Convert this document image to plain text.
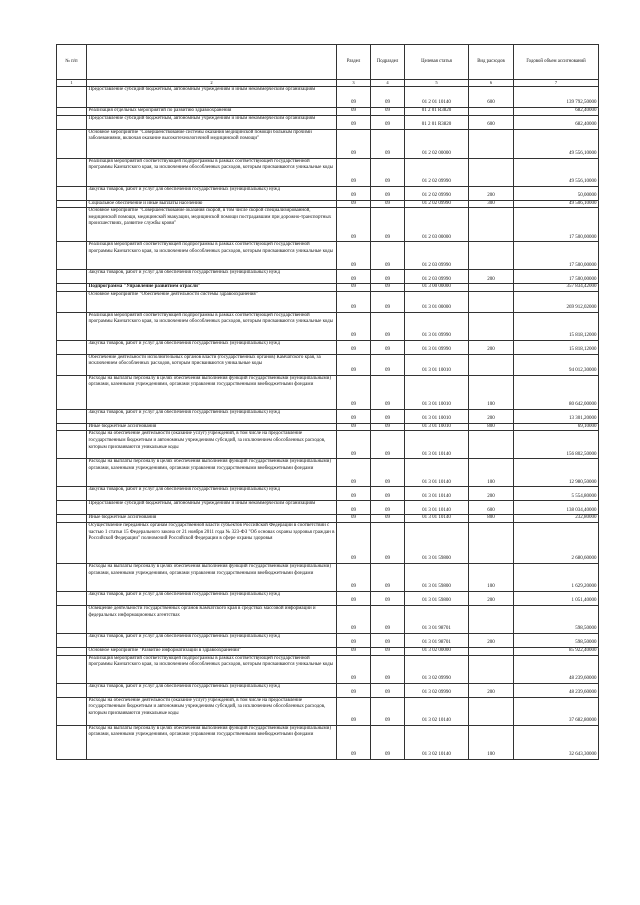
№ п/п		Раздел	Подраздел	Целевая статья	Вид расходов	Годовой объем ассигнований
1	2	3	4	5	6	7
	Предоставление субсидий бюджетным, автономным учреждениям и иным некоммерческим организациям	09	09	01 2 01 10140	600	139 792,50000
	Реализация отдельных мероприятий по развитию здравоохранения	09	09	01 2 01 R3820		682,40000
	Предоставление субсидий бюджетным, автономным учреждениям и иным некоммерческим организациям	09	09	01 2 01 R3820	600	682,40000
	Основное мероприятие "Совершенствование системы оказания медицинской помощи больным прочими заболеваниями, включая оказание высокотехнологичной медицинской помощи"	09	09	01 2 02 00000		49 556,10000
	Реализация мероприятий соответствующей подпрограммы в рамках соответствующей государственной программы Камчатского края, за исключением обособленных расходов, которым присваиваются уникальные коды	09	09	01 2 02 09990		49 556,10000
	Закупка товаров, работ и услуг для обеспечения государственных (муниципальных) нужд	09	09	01 2 02 09990	200	50,00000
	Социальное обеспечение и иные выплаты населению	09	09	01 2 02 09990	300	49 506,10000
	Основное мероприятие "Совершенствование оказания скорой, в том числе скорой специализированной, медицинской помощи, медицинской эвакуации, медицинской помощи пострадавшим при дорожно-транспортных происшествиях, развитие службы крови"	09	09	01 2 03 00000		17 500,00000
	Реализация мероприятий соответствующей подпрограммы в рамках соответствующей государственной программы Камчатского края, за исключением обособленных расходов, которым присваиваются уникальные коды	09	09	01 2 03 09990		17 500,00000
	Закупка товаров, работ и услуг для обеспечения государственных (муниципальных) нужд	09	09	01 2 03 09990	200	17 500,00000
	Подпрограмма "Управление развитием отрасли"	09	09	01 3 00 00000		357 834,42000
	Основное мероприятие "Обеспечение деятельности системы здравоохранения"	09	09	01 3 01 00000		269 912,02000
	Реализация мероприятий соответствующей подпрограммы в рамках соответствующей государственной программы Камчатского края, за исключением обособленных расходов, которым присваиваются уникальные коды	09	09	01 3 01 09990		15 818,12000
	Закупка товаров, работ и услуг для обеспечения государственных (муниципальных) нужд	09	09	01 3 01 09990	200	15 818,12000
	Обеспечение деятельности исполнительных органов власти (государственных органов) Камчатского края, за исключением обособленных расходов, которым присваиваются уникальные коды	09	09	01 3 01 10010		94 012,30000
	Расходы на выплаты персоналу в целях обеспечения выполнения функций государственными (муниципальными) органами, казенными учреждениями, органами управления государственными внебюджетными фондами	09	09	01 3 01 10010	100	80 642,00000
	Закупка товаров, работ и услуг для обеспечения государственных (муниципальных) нужд	09	09	01 3 01 10010	200	13 301,20000
	Иные бюджетные ассигнования	09	09	01 3 01 10010	800	69,10000
	Расходы на обеспечение деятельности (оказание услуг) учреждений, в том числе на предоставление государственным бюджетным и автономным учреждениям субсидий, за исключением обособленных расходов, которым присваиваются уникальные коды	09	09	01 3 01 10140		156 802,50000
	Расходы на выплаты персоналу в целях обеспечения выполнения функций государственными (муниципальными) органами, казенными учреждениями, органами управления государственными внебюджетными фондами	09	09	01 3 01 10140	100	12 980,50000
	Закупка товаров, работ и услуг для обеспечения государственных (муниципальных) нужд	09	09	01 3 01 10140	200	5 554,80000
	Предоставление субсидий бюджетным, автономным учреждениям и иным некоммерческим организациям	09	09	01 3 01 10140	600	138 034,40000
	Иные бюджетные ассигнования	09	09	01 3 01 10140	800	232,80000
	Осуществление переданных органам государственной власти субъектов Российской Федерации в соответствии с частью 1 статьи 15 Федерального закона от 21 ноября 2011 года № 323-ФЗ "Об основах охраны здоровья граждан в Российской Федерации" полномочий Российской Федерации в сфере охраны здоровья	09	09	01 3 01 59800		2 680,60000
	Расходы на выплаты персоналу в целях обеспечения выполнения функций государственными (муниципальными) органами, казенными учреждениями, органами управления государственными внебюджетными фондами	09	09	01 3 01 59800	100	1 629,20000
	Закупка товаров, работ и услуг для обеспечения государственных (муниципальных) нужд	09	09	01 3 01 59800	200	1 051,40000
	Освещение деятельности государственных органов Камчатского края в средствах массовой информации и федеральных информационных агентствах	09	09	01 3 01 98701		598,50000
	Закупка товаров, работ и услуг для обеспечения государственных (муниципальных) нужд	09	09	01 3 01 98701	200	598,50000
	Основное мероприятие "Развитие информатизации в здравоохранении"	09	09	01 3 02 00000		85 922,40000
	Реализация мероприятий соответствующей подпрограммы в рамках соответствующей государственной программы Камчатского края, за исключением обособленных расходов, которым присваиваются уникальные коды	09	09	01 3 02 09990		48 239,60000
	Закупка товаров, работ и услуг для обеспечения государственных (муниципальных) нужд	09	09	01 3 02 09990	200	48 239,60000
	Расходы на обеспечение деятельности (оказание услуг) учреждений, в том числе на предоставление государственным бюджетным и автономным учреждениям субсидий, за исключением обособленных расходов, которым присваиваются уникальные коды	09	09	01 3 02 10140		37 682,80000
	Расходы на выплаты персоналу в целях обеспечения выполнения функций государственными (муниципальными) органами, казенными учреждениями, органами управления государственными внебюджетными фондами	09	09	01 3 02 10140	100	32 643,30000
